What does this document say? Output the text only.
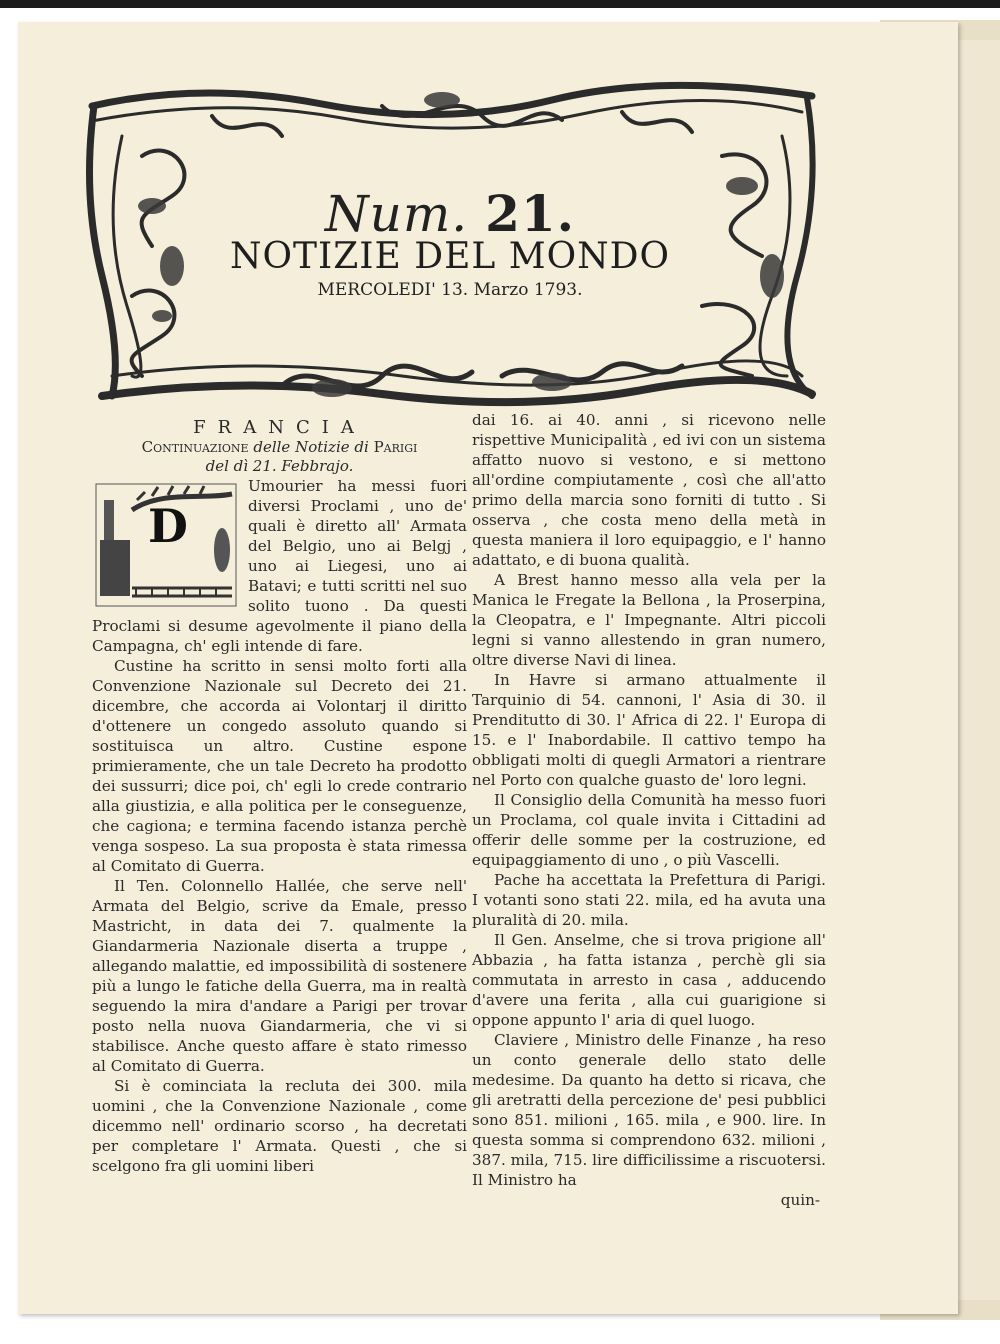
Num. 21.
NOTIZIE DEL MONDO
MERCOLEDI' 13. Marzo 1793.

FRANCIA

Continuazione delle Notizie di Parigi
del dì 21. Febbrajo.

D
Umourier ha messi fuori diversi Proclami , uno de' quali è diretto all' Armata del Belgio, uno ai Belgj , uno ai Liegesi, uno ai Batavi; e tutti scritti nel suo solito tuono . Da questi Proclami si desume agevolmente il piano della Campagna, ch' egli intende di fare.

Custine ha scritto in sensi molto forti alla Convenzione Nazionale sul Decreto dei 21. dicembre, che accorda ai Volontarj il diritto d'ottenere un congedo assoluto quando si sostituisca un altro. Custine espone primieramente, che un tale Decreto ha prodotto dei sussurri; dice poi, ch' egli lo crede contrario alla giustizia, e alla politica per le conseguenze, che cagiona; e termina facendo istanza perchè venga sospeso. La sua proposta è stata rimessa al Comitato di Guerra.

Il Ten. Colonnello Hallée, che serve nell' Armata del Belgio, scrive da Emale, presso Mastricht, in data dei 7. qualmente la Giandarmeria Nazionale diserta a truppe , allegando malattie, ed impossibilità di sostenere più a lungo le fatiche della Guerra, ma in realtà seguendo la mira d'andare a Parigi per trovar posto nella nuova Giandarmeria, che vi si stabilisce. Anche questo affare è stato rimesso al Comitato di Guerra.

Si è cominciata la recluta dei 300. mila uomini , che la Convenzione Nazionale , come dicemmo nell' ordinario scorso , ha decretati per completare l' Armata. Questi , che si scelgono fra gli uomini liberi

dai 16. ai 40. anni , si ricevono nelle rispettive Municipalità , ed ivi con un sistema affatto nuovo si vestono, e si mettono all'ordine compiutamente , così che all'atto primo della marcia sono forniti di tutto . Si osserva , che costa meno della metà in questa maniera il loro equipaggio, e l' hanno adattato, e di buona qualità.

A Brest hanno messo alla vela per la Manica le Fregate la Bellona , la Proserpina, la Cleopatra, e l' Impegnante. Altri piccoli legni si vanno allestendo in gran numero, oltre diverse Navi di linea.

In Havre si armano attualmente il Tarquinio di 54. cannoni, l' Asia di 30. il Prenditutto di 30. l' Africa di 22. l' Europa di 15. e l' Inabordabile. Il cattivo tempo ha obbligati molti di quegli Armatori a rientrare nel Porto con qualche guasto de' loro legni.

Il Consiglio della Comunità ha messo fuori un Proclama, col quale invita i Cittadini ad offerir delle somme per la costruzione, ed equipaggiamento di uno , o più Vascelli.

Pache ha accettata la Prefettura di Parigi. I votanti sono stati 22. mila, ed ha avuta una pluralità di 20. mila.

Il Gen. Anselme, che si trova prigione all' Abbazia , ha fatta istanza , perchè gli sia commutata in arresto in casa , adducendo d'avere una ferita , alla cui guarigione si oppone appunto l' aria di quel luogo.

Claviere , Ministro delle Finanze , ha reso un conto generale dello stato delle medesime. Da quanto ha detto si ricava, che gli aretratti della percezione de' pesi pubblici sono 851. milioni , 165. mila , e 900. lire. In questa somma si comprendono 632. milioni , 387. mila, 715. lire difficilissime a riscuotersi. Il Ministro ha

quin-
